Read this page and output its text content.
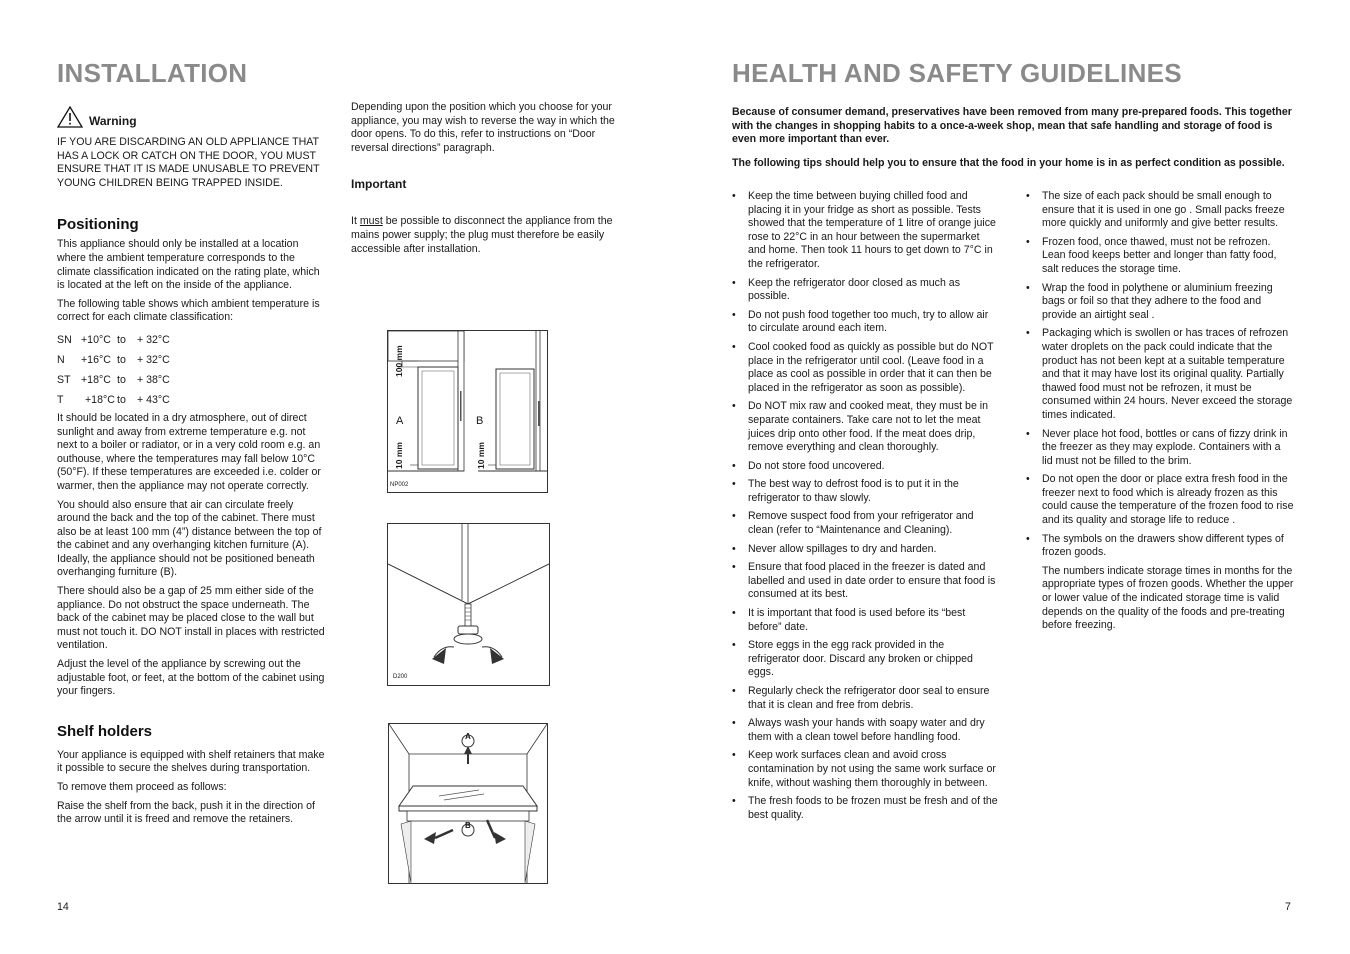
INSTALLATION
Warning

IF YOU ARE DISCARDING AN OLD APPLIANCE THAT HAS A LOCK OR CATCH ON THE DOOR, YOU MUST ENSURE THAT IT IS MADE UNUSABLE TO PREVENT YOUNG CHILDREN BEING TRAPPED INSIDE.

Positioning

This appliance should only be installed at a location where the ambient temperature corresponds to the climate classification indicated on the rating plate, which is located at the left on the inside of the appliance.

The following table shows which ambient temperature is correct for each climate classification:

SN +10°C to	+ 32°C
N	+16°C to	+ 32°C
ST +18°C to	+ 38°C
T	+18°C to	+ 43°C

It should be located in a dry atmosphere, out of direct sunlight and away from extreme temperature e.g. not next to a boiler or radiator, or in a very cold room e.g. an outhouse, where the temperatures may fall below 10°C (50°F). If these temperatures are exceeded i.e. colder or warmer, then the appliance may not operate correctly.

You should also ensure that air can circulate freely around the back and the top of the cabinet. There must also be at least 100 mm (4”) distance between the top of the cabinet and any overhanging kitchen furniture (A). Ideally, the appliance should not be positioned beneath overhanging furniture (B).

There should also be a gap of 25 mm either side of the appliance. Do not obstruct the space underneath. The back of the cabinet may be placed close to the wall but must not touch it. DO NOT install in places with restricted ventilation.

Adjust the level of the appliance by screwing out the adjustable foot, or feet, at the bottom of the cabinet using your fingers.

Shelf holders

Your appliance is equipped with shelf retainers that make it possible to secure the shelves during transportation.

To remove them proceed as follows:

Raise the shelf from the back, push it in the direction of the arrow until it is freed and remove the retainers.

Depending upon the position which you choose for your appliance, you may wish to reverse the way in which the door opens. To do this, refer to instructions on “Door reversal directions” paragraph.

Important

It must be possible to disconnect the appliance from the mains power supply; the plug must therefore be easily accessible after installation.

100 mm
10 mm	10 mm
A	B
NP002
D200
A
B
14
HEALTH AND SAFETY GUIDELINES

Because of consumer demand, preservatives have been removed from many pre-prepared foods. This together with the changes in shopping habits to a once-a-week shop, mean that safe handling and storage of food is even more important than ever.

The following tips should help you to ensure that the food in your home is in as perfect condition as possible.

• Keep the time between buying chilled food and placing it in your fridge as short as possible. Tests showed that the temperature of 1 litre of orange juice rose to 22°C in an hour between the supermarket and home. Then took 11 hours to get down to 7°C in the refrigerator.
• Keep the refrigerator door closed as much as possible.
• Do not push food together too much, try to allow air to circulate around each item.
• Cool cooked food as quickly as possible but do NOT place in the refrigerator until cool. (Leave food in a place as cool as possible in order that it can then be placed in the refrigerator as soon as possible).
• Do NOT mix raw and cooked meat, they must be in separate containers. Take care not to let the meat juices drip onto other food. If the meat does drip, remove everything and clean thoroughly.
• Do not store food uncovered.
• The best way to defrost food is to put it in the refrigerator to thaw slowly.
• Remove suspect food from your refrigerator and clean (refer to “Maintenance and Cleaning).
• Never allow spillages to dry and harden.
• Ensure that food placed in the freezer is dated and labelled and used in date order to ensure that food is consumed at its best.
• It is important that food is used before its “best before” date.
• Store eggs in the egg rack provided in the refrigerator door. Discard any broken or chipped eggs.
• Regularly check the refrigerator door seal to ensure that it is clean and free from debris.
• Always wash your hands with soapy water and dry them with a clean towel before handling food.
• Keep work surfaces clean and avoid cross contamination by not using the same work surface or knife, without washing them thoroughly in between.
• The fresh foods to be frozen must be fresh and of the best quality.
• The size of each pack should be small enough to ensure that it is used in one go . Small packs freeze more quickly and uniformly and give better results.
• Frozen food, once thawed, must not be refrozen. Lean food keeps better and longer than fatty food, salt reduces the storage time.
• Wrap the food in polythene or aluminium freezing bags or foil so that they adhere to the food and provide an airtight seal .
• Packaging which is swollen or has traces of refrozen water droplets on the pack could indicate that the product has not been kept at a suitable temperature and that it may have lost its original quality. Partially thawed food must not be refrozen, it must be consumed within 24 hours. Never exceed the storage times indicated.
• Never place hot food, bottles or cans of fizzy drink in the freezer as they may explode. Containers with a lid must not be filled to the brim.
• Do not open the door or place extra fresh food in the freezer next to food which is already frozen as this could cause the temperature of the frozen food to rise and its quality and storage life to reduce .
• The symbols on the drawers show different types of frozen goods.

The numbers indicate storage times in months for the appropriate types of frozen goods. Whether the upper or lower value of the indicated storage time is valid depends on the quality of the foods and pre-treating before freezing.

7
